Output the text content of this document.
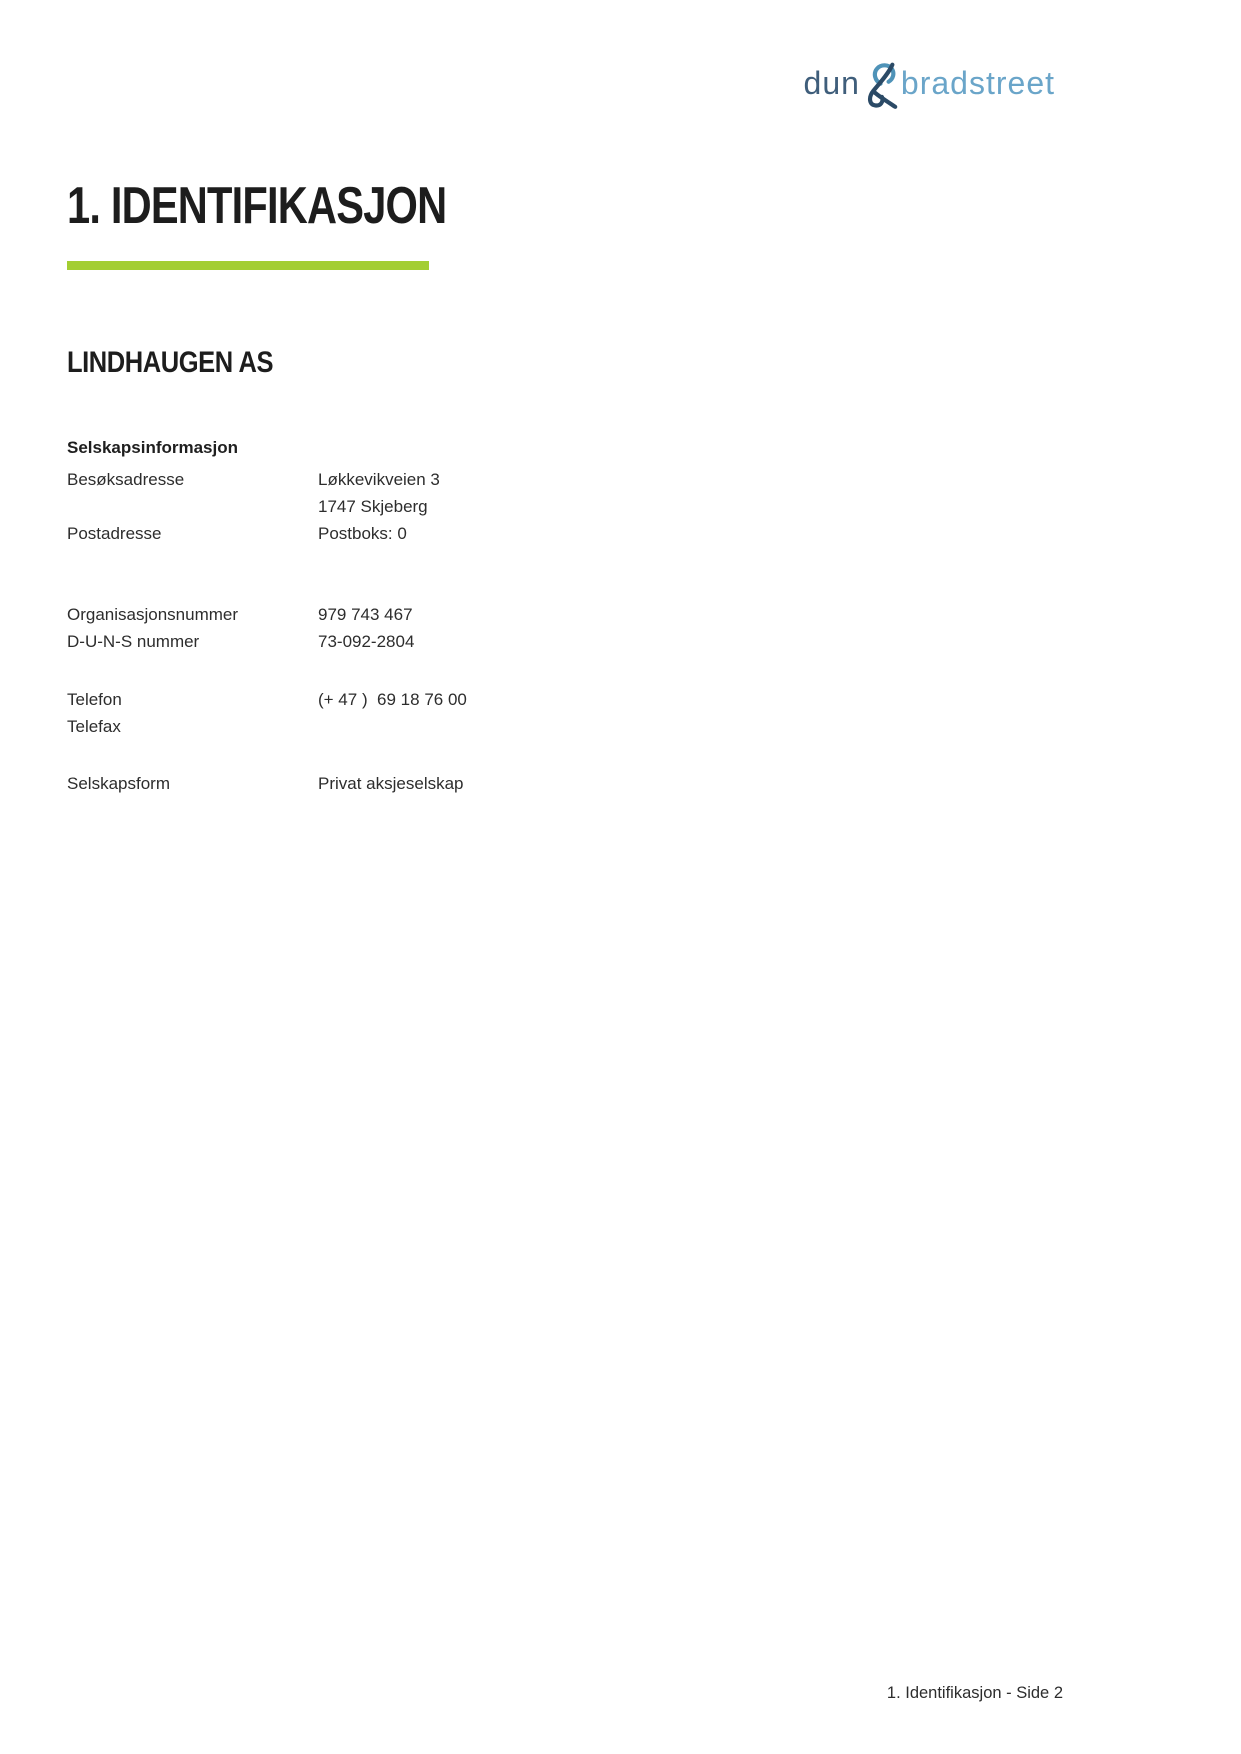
dun bradstreet
1. IDENTIFIKASJON
LINDHAUGEN AS
Selskapsinformasjon
Besøksadresse	Løkkevikveien 3
1747 Skjeberg
Postadresse	Postboks: 0
Organisasjonsnummer	979 743 467
D-U-N-S nummer	73-092-2804
Telefon	(+ 47 )  69 18 76 00
Telefax
Selskapsform	Privat aksjeselskap
1. Identifikasjon - Side 2
